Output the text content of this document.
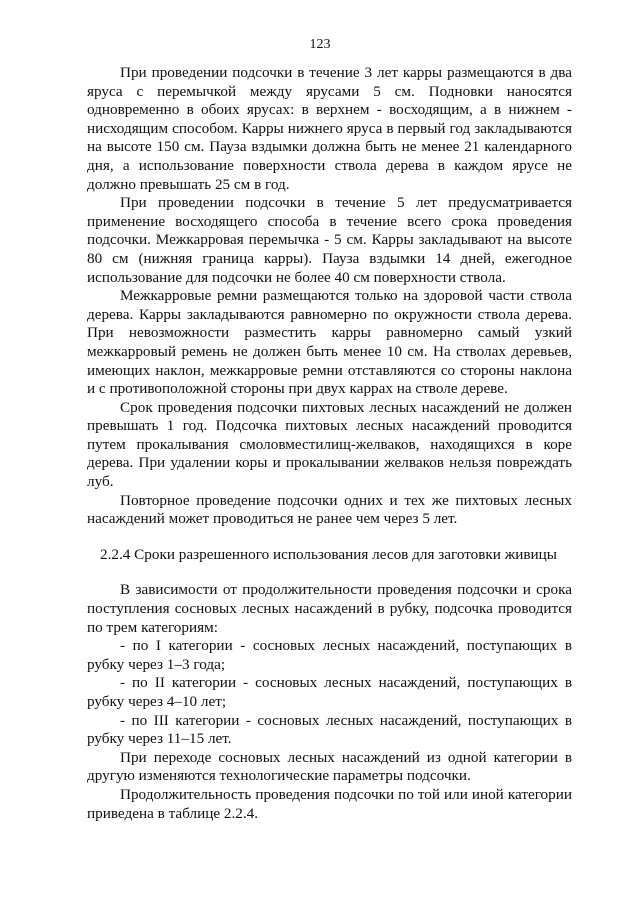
123

При проведении подсочки в течение 3 лет карры размещаются в два яруса с перемычкой между ярусами 5 см. Подновки наносятся одновременно в обоих ярусах: в верхнем - восходящим, а в нижнем - нисходящим способом. Карры нижнего яруса в первый год закладываются на высоте 150 см. Пауза вздымки должна быть не менее 21 календарного дня, а использование поверхности ствола дерева в каждом ярусе не должно превышать 25 см в год.

При проведении подсочки в течение 5 лет предусматривается применение восходящего способа в течение всего срока проведения подсочки. Межкарровая перемычка - 5 см. Карры закладывают на высоте 80 см (нижняя граница карры). Пауза вздымки 14 дней, ежегодное использование для подсочки не более 40 см поверхности ствола.

Межкарровые ремни размещаются только на здоровой части ствола дерева. Карры закладываются равномерно по окружности ствола дерева. При невозможности разместить карры равномерно самый узкий межкарровый ремень не должен быть менее 10 см. На стволах деревьев, имеющих наклон, межкарровые ремни отставляются со стороны наклона и с противоположной стороны при двух каррах на стволе дереве.

Срок проведения подсочки пихтовых лесных насаждений не должен превышать 1 год. Подсочка пихтовых лесных насаждений проводится путем прокалывания смоловместилищ-желваков, находящихся в коре дерева. При удалении коры и прокалывании желваков нельзя повреждать луб.

Повторное проведение подсочки одних и тех же пихтовых лесных насаждений может проводиться не ранее чем через 5 лет.

2.2.4 Сроки разрешенного использования лесов для заготовки живицы

В зависимости от продолжительности проведения подсочки и срока поступления сосновых лесных насаждений в рубку, подсочка проводится по трем категориям:

- по I категории - сосновых лесных насаждений, поступающих в рубку через 1–3 года;

- по II категории - сосновых лесных насаждений, поступающих в рубку через 4–10 лет;

- по III категории - сосновых лесных насаждений, поступающих в рубку через 11–15 лет.

При переходе сосновых лесных насаждений из одной категории в другую изменяются технологические параметры подсочки.

Продолжительность проведения подсочки по той или иной категории приведена в таблице 2.2.4.
